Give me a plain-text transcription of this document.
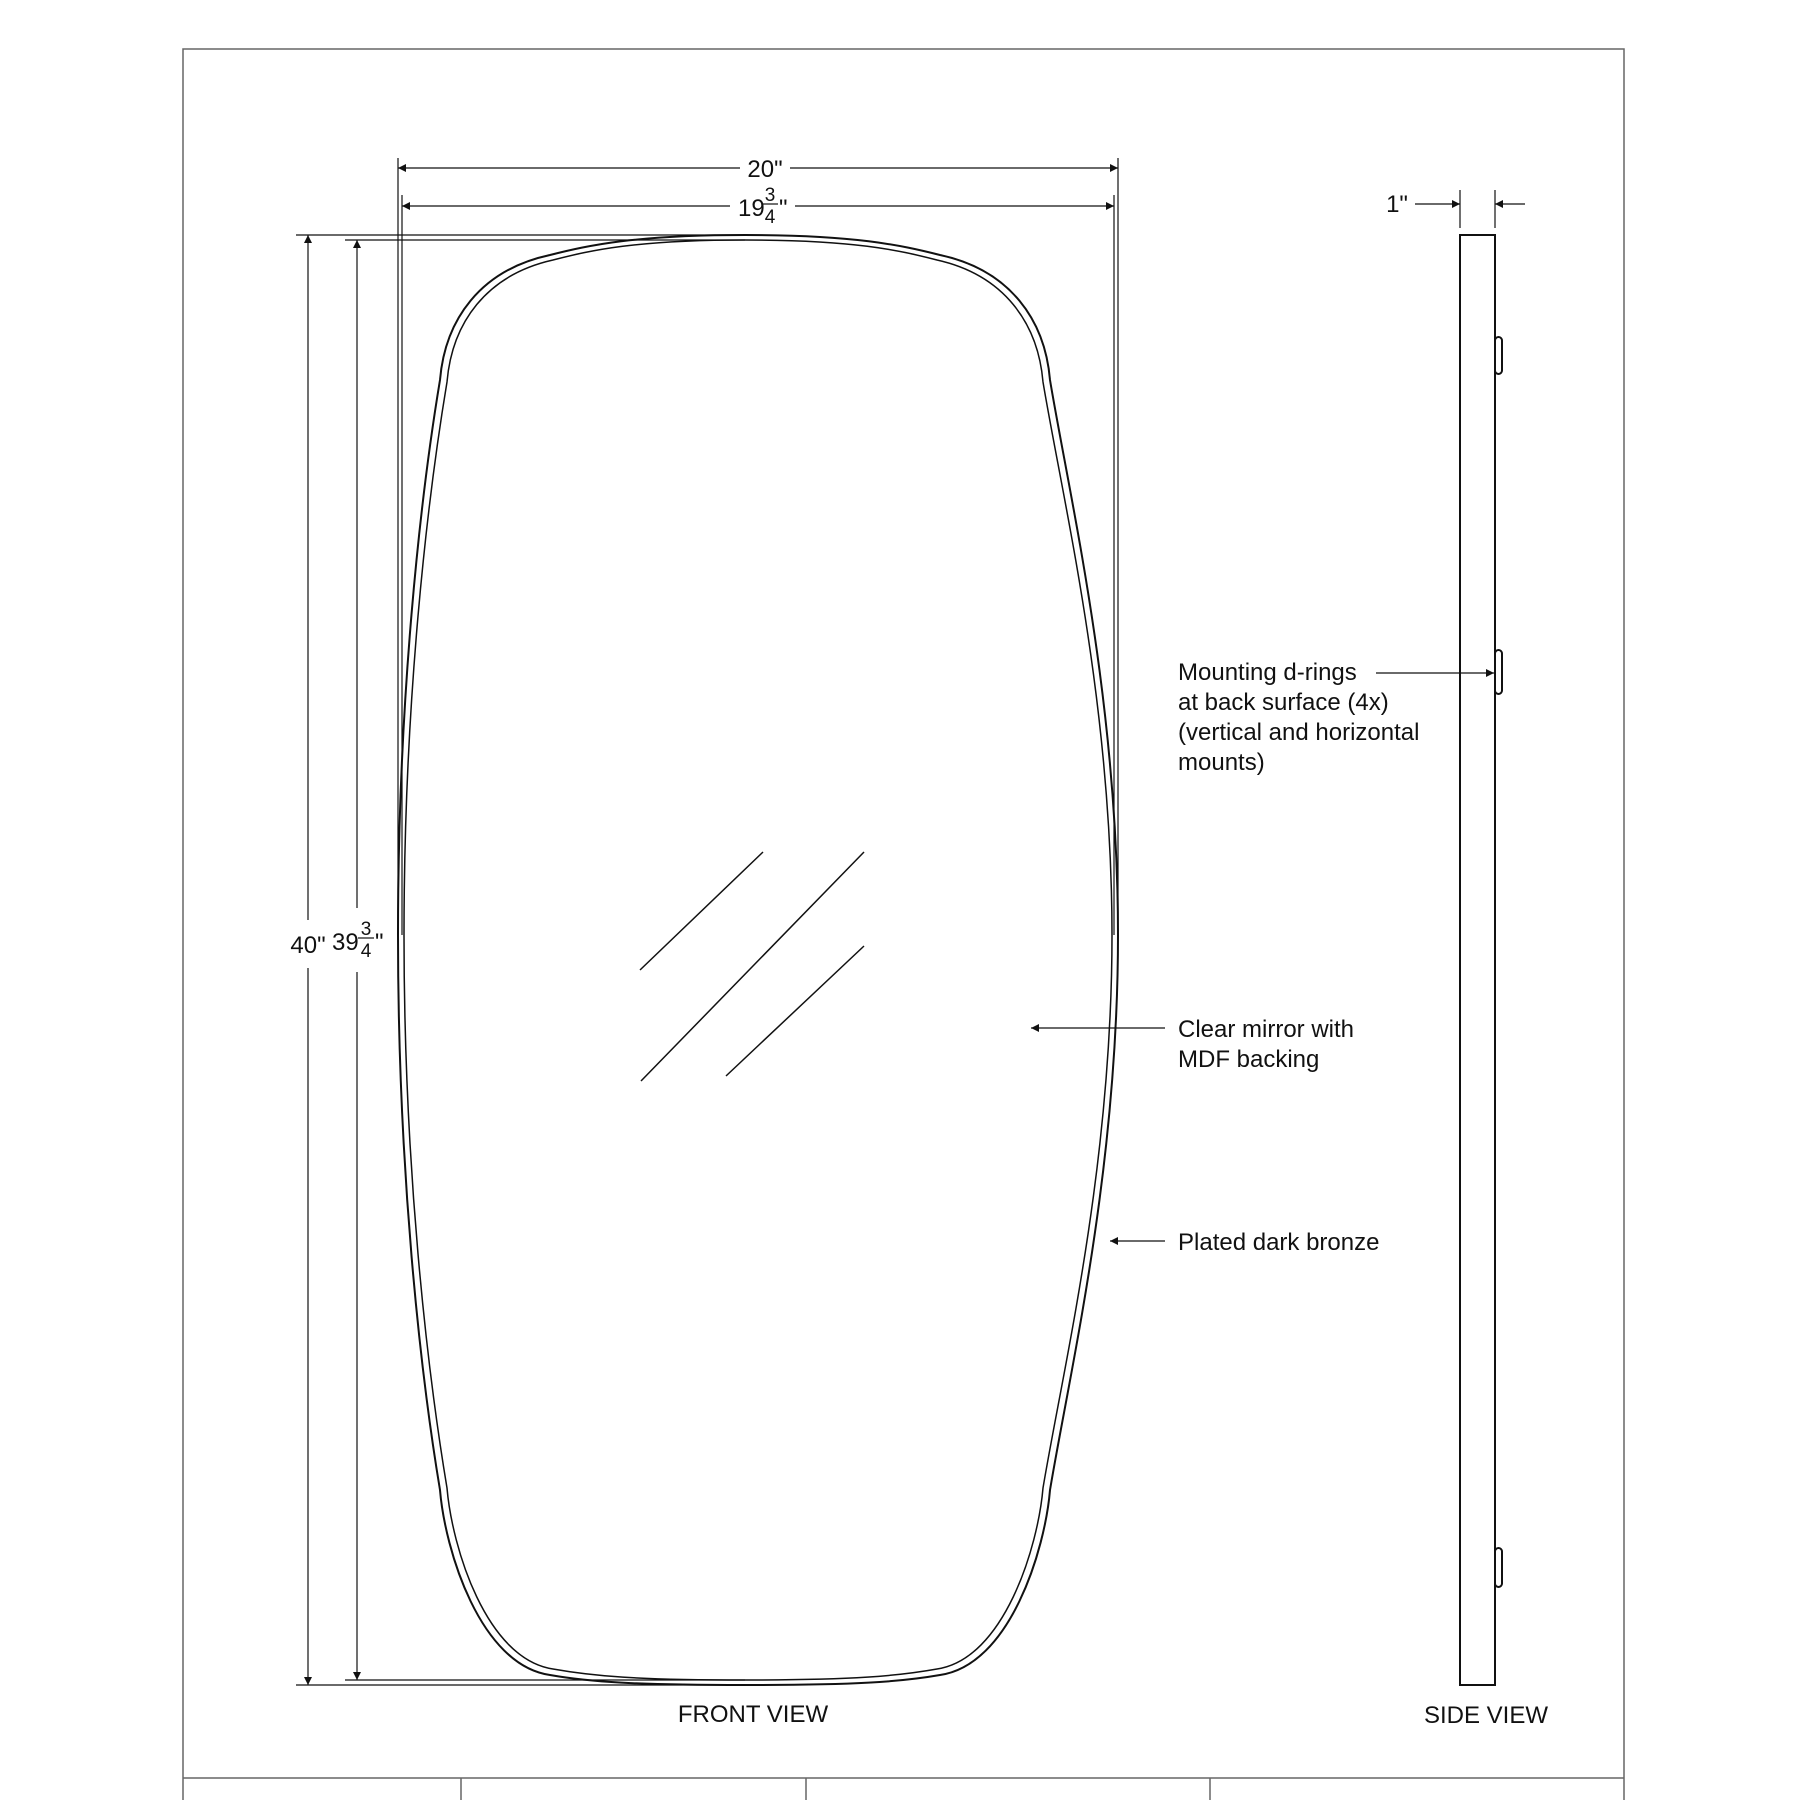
20"
19 3
4 "
40" 39 3
4 "
FRONT VIEW
1"
SIDE VIEW
Mounting d-rings
at back surface (4x)
(vertical and horizontal
mounts)
Clear mirror with
MDF backing
Plated dark bronze
